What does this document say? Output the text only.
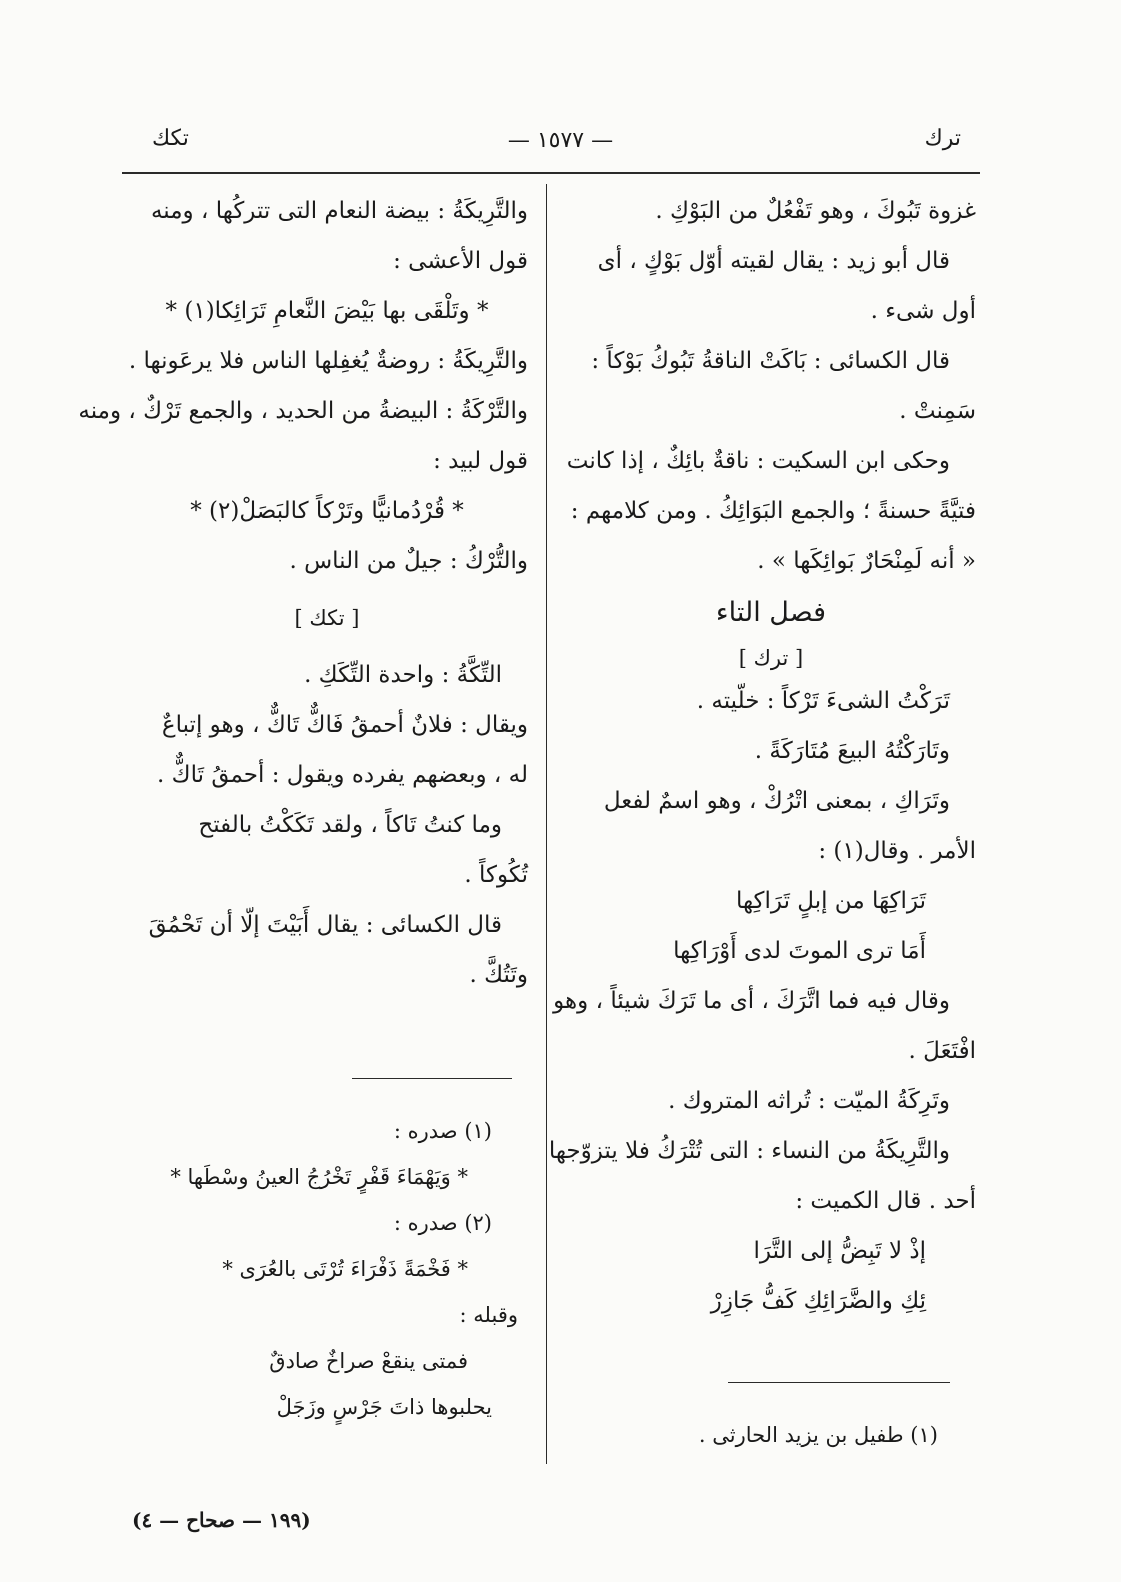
ترك
— ١٥٧٧ —
تكك
غزوة تَبُوكَ ، وهو تَفْعُلٌ من البَوْكِ .
قال أبو زيد : يقال لقيته أوّل بَوْكٍ ، أى
أول شىء .
قال الكسائى : بَاكَتْ الناقةُ تَبُوكُ بَوْكاً :
سَمِنتْ .
وحكى ابن السكيت : ناقةٌ بائِكٌ ، إذا كانت
فتيَّةً حسنةً ؛ والجمع البَوَائِكُ . ومن كلامهم :
« أنه لَمِنْحَارٌ بَوائِكَها » .
فصل التاء
[ ترك ]
تَرَكْتُ الشىءَ تَرْكاً : خلّيته .
وتَارَكْتُهُ البيعَ مُتَارَكَةً .
وتَرَاكِ ، بمعنى اتْرُكْ ، وهو اسمٌ لفعل
الأمر . وقال(١) :
تَرَاكِهَا من إبلٍ تَرَاكِها
أَمَا ترى الموتَ لدى أَوْرَاكِها
وقال فيه فما اتَّرَكَ ، أى ما تَرَكَ شيئاً ، وهو
افْتَعَلَ .
وتَرِكَةُ الميّت : تُراثه المتروك .
والتَّرِيكَةُ من النساء : التى تُتْرَكُ فلا يتزوّجها
أحد . قال الكميت :
إذْ لا تَبِضُّ إلى التَّرَا
ئِكِ والضَّرَائِكِ كَفُّ جَازِرْ
(١) طفيل بن يزيد الحارثى .
والتَّرِيكَةُ : بيضة النعام التى تتركُها ، ومنه
قول الأعشى :
* وتَلْقَى بها بَيْضَ النَّعامِ تَرَائِكا(١) *
والتَّرِيكَةُ : روضةٌ يُغفِلها الناس فلا يرعَونها .
والتَّرْكَةُ : البيضةُ من الحديد ، والجمع تَرْكٌ ، ومنه
قول لبيد :
* قُرْدُمانيًّا وتَرْكاً كالبَصَلْ(٢) *
والتُّرْكُ : جيلٌ من الناس .
[ تكك ]
التِّكَّةُ : واحدة التِّكَكِ .
ويقال : فلانٌ أحمقُ فَاكٌّ تَاكٌّ ، وهو إتباعٌ
له ، وبعضهم يفرده ويقول : أحمقُ تَاكٌّ .
وما كنتُ تَاكاً ، ولقد تَكَكْتُ بالفتح
تُكُوكاً .
قال الكسائى : يقال أَبَيْتَ إلّا أن تَحْمُقَ
وتَتُكَّ .
(١) صدره :
* وَيَهْمَاءَ قَفْرٍ تَخْرُجُ العينُ وسْطَها *
(٢) صدره :
* فَخْمَةً ذَفْرَاءَ تُرْتَى بالعُرَى *
وقبله :
فمتى ينقعْ صراخٌ صادقٌ
يحلبوها ذاتَ جَرْسٍ وزَجَلْ
(١٩٩ — صحاح — ٤)
